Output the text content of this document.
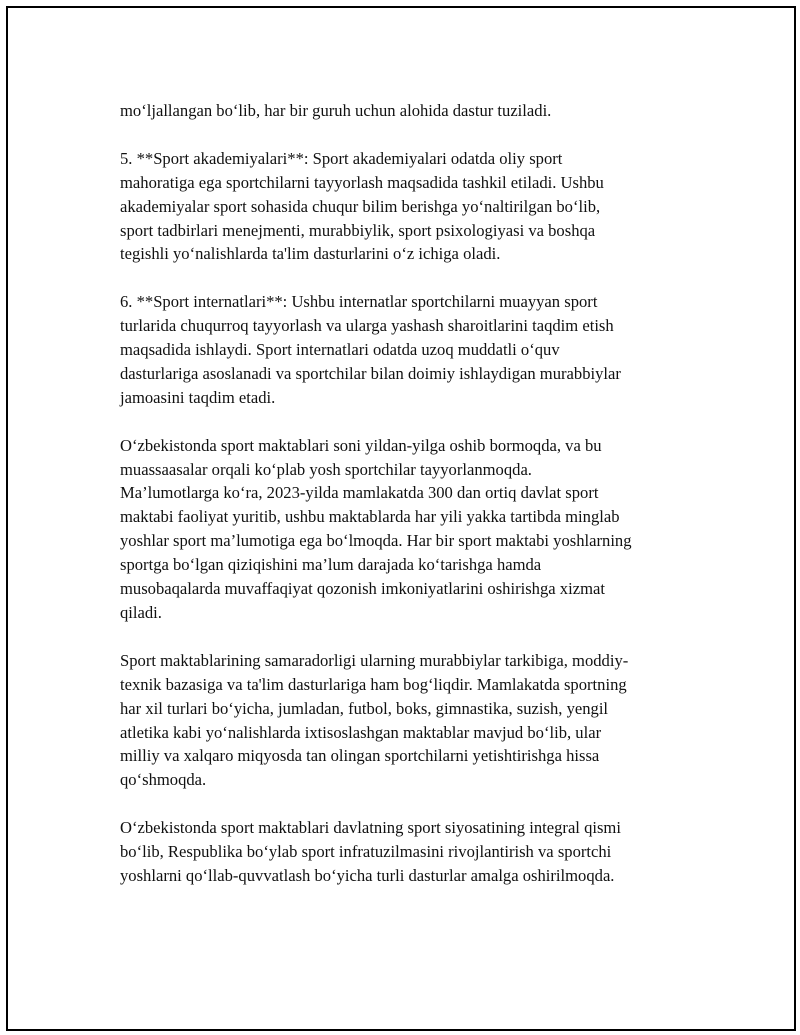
mo‘ljallangan bo‘lib, har bir guruh uchun alohida dastur tuziladi.

5. **Sport akademiyalari**: Sport akademiyalari odatda oliy sport
mahoratiga ega sportchilarni tayyorlash maqsadida tashkil etiladi. Ushbu
akademiyalar sport sohasida chuqur bilim berishga yo‘naltirilgan bo‘lib,
sport tadbirlari menejmenti, murabbiylik, sport psixologiyasi va boshqa
tegishli yo‘nalishlarda ta'lim dasturlarini o‘z ichiga oladi.

6. **Sport internatlari**: Ushbu internatlar sportchilarni muayyan sport
turlarida chuqurroq tayyorlash va ularga yashash sharoitlarini taqdim etish
maqsadida ishlaydi. Sport internatlari odatda uzoq muddatli o‘quv
dasturlariga asoslanadi va sportchilar bilan doimiy ishlaydigan murabbiylar
jamoasini taqdim etadi.

O‘zbekistonda sport maktablari soni yildan-yilga oshib bormoqda, va bu
muassaasalar orqali ko‘plab yosh sportchilar tayyorlanmoqda.
Ma’lumotlarga ko‘ra, 2023-yilda mamlakatda 300 dan ortiq davlat sport
maktabi faoliyat yuritib, ushbu maktablarda har yili yakka tartibda minglab
yoshlar sport ma’lumotiga ega bo‘lmoqda. Har bir sport maktabi yoshlarning
sportga bo‘lgan qiziqishini ma’lum darajada ko‘tarishga hamda
musobaqalarda muvaffaqiyat qozonish imkoniyatlarini oshirishga xizmat
qiladi.

Sport maktablarining samaradorligi ularning murabbiylar tarkibiga, moddiy-
texnik bazasiga va ta'lim dasturlariga ham bog‘liqdir. Mamlakatda sportning
har xil turlari bo‘yicha, jumladan, futbol, boks, gimnastika, suzish, yengil
atletika kabi yo‘nalishlarda ixtisoslashgan maktablar mavjud bo‘lib, ular
milliy va xalqaro miqyosda tan olingan sportchilarni yetishtirishga hissa
qo‘shmoqda.

O‘zbekistonda sport maktablari davlatning sport siyosatining integral qismi
bo‘lib, Respublika bo‘ylab sport infratuzilmasini rivojlantirish va sportchi
yoshlarni qo‘llab-quvvatlash bo‘yicha turli dasturlar amalga oshirilmoqda.
